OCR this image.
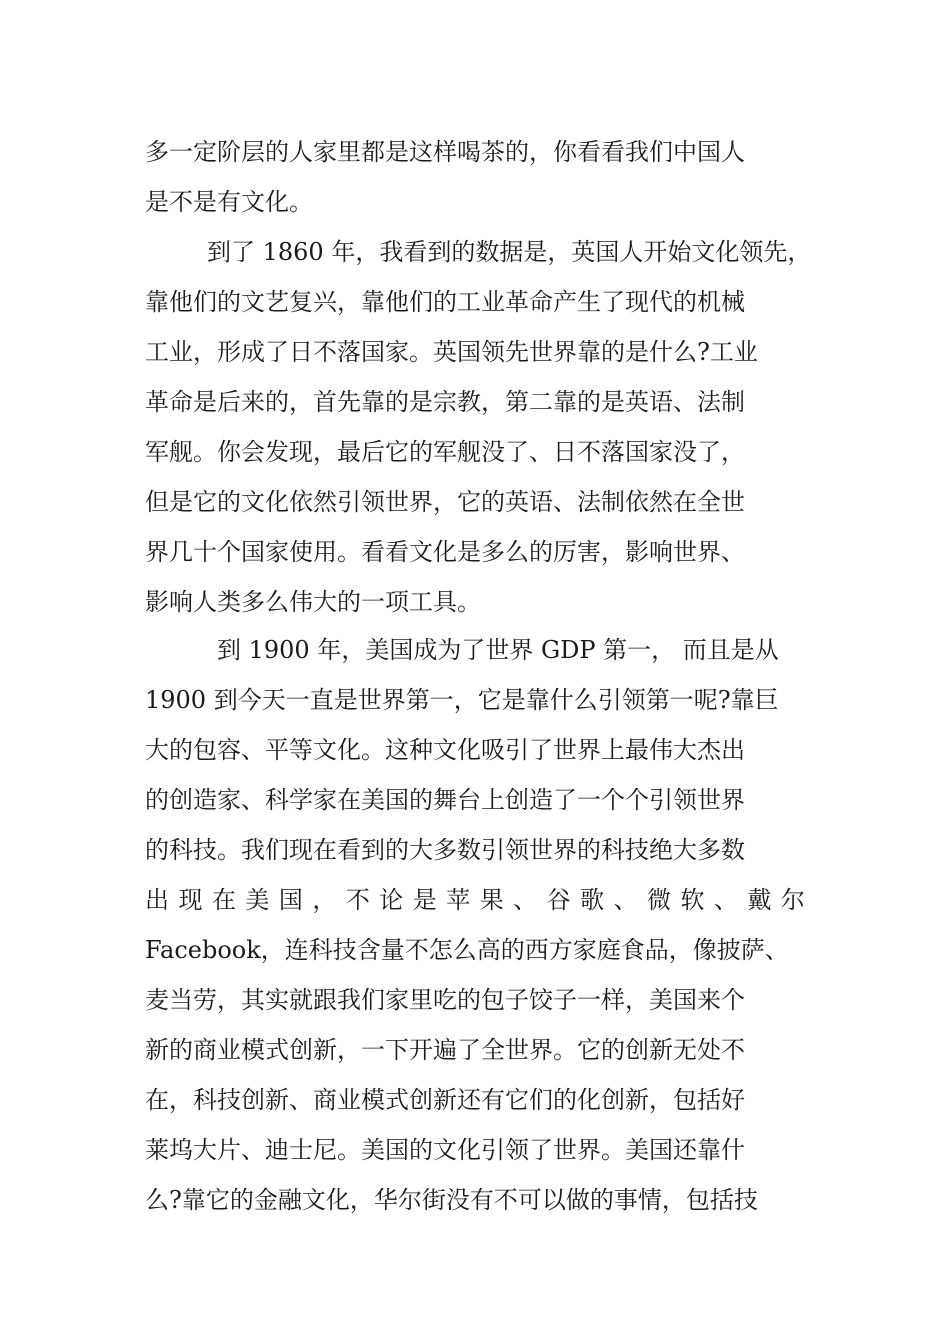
多一定阶层的人家里都是这样喝茶的，你看看我们中国人
是不是有文化。
到了 1860 年，我看到的数据是，英国人开始文化领先，
靠他们的文艺复兴，靠他们的工业革命产生了现代的机械
工业，形成了日不落国家。英国领先世界靠的是什么?工业
革命是后来的，首先靠的是宗教，第二靠的是英语、法制
军舰。你会发现，最后它的军舰没了、日不落国家没了，
但是它的文化依然引领世界，它的英语、法制依然在全世
界几十个国家使用。看看文化是多么的厉害，影响世界、
影响人类多么伟大的一项工具。
到 1900 年，美国成为了世界 GDP 第一， 而且是从
1900 到今天一直是世界第一，它是靠什么引领第一呢?靠巨
大的包容、平等文化。这种文化吸引了世界上最伟大杰出
的创造家、科学家在美国的舞台上创造了一个个引领世界
的科技。我们现在看到的大多数引领世界的科技绝大多数
出 现 在 美 国 ， 不 论 是 苹 果 、 谷 歌 、 微 软 、 戴 尔
Facebook，连科技含量不怎么高的西方家庭食品，像披萨、
麦当劳，其实就跟我们家里吃的包子饺子一样，美国来个
新的商业模式创新，一下开遍了全世界。它的创新无处不
在，科技创新、商业模式创新还有它们的化创新，包括好
莱坞大片、迪士尼。美国的文化引领了世界。美国还靠什
么?靠它的金融文化，华尔街没有不可以做的事情，包括技
